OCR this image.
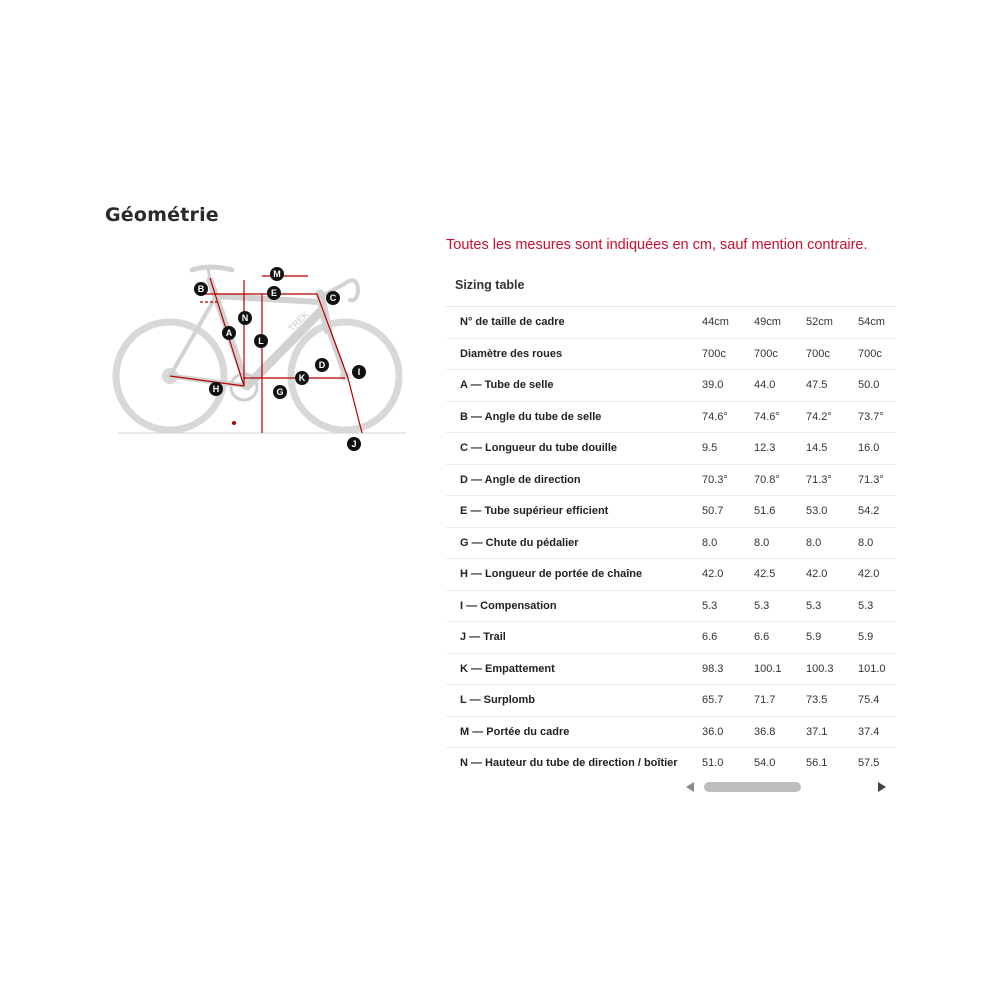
Géométrie
Toutes les mesures sont indiquées en cm, sauf mention contraire.
TREK
A
B
C
D
E
G
H
I
J
K
L
M
N
Sizing table
N° de taille de cadre	44cm	49cm	52cm	54cm
Diamètre des roues	700c	700c	700c	700c
A — Tube de selle	39.0	44.0	47.5	50.0
B — Angle du tube de selle	74.6°	74.6°	74.2°	73.7°
C — Longueur du tube douille	9.5	12.3	14.5	16.0
D — Angle de direction	70.3°	70.8°	71.3°	71.3°
E — Tube supérieur efficient	50.7	51.6	53.0	54.2
G — Chute du pédalier	8.0	8.0	8.0	8.0
H — Longueur de portée de chaîne	42.0	42.5	42.0	42.0
I — Compensation	5.3	5.3	5.3	5.3
J — Trail	6.6	6.6	5.9	5.9
K — Empattement	98.3	100.1	100.3	101.0
L — Surplomb	65.7	71.7	73.5	75.4
M — Portée du cadre	36.0	36.8	37.1	37.4
N — Hauteur du tube de direction / boîtier	51.0	54.0	56.1	57.5
